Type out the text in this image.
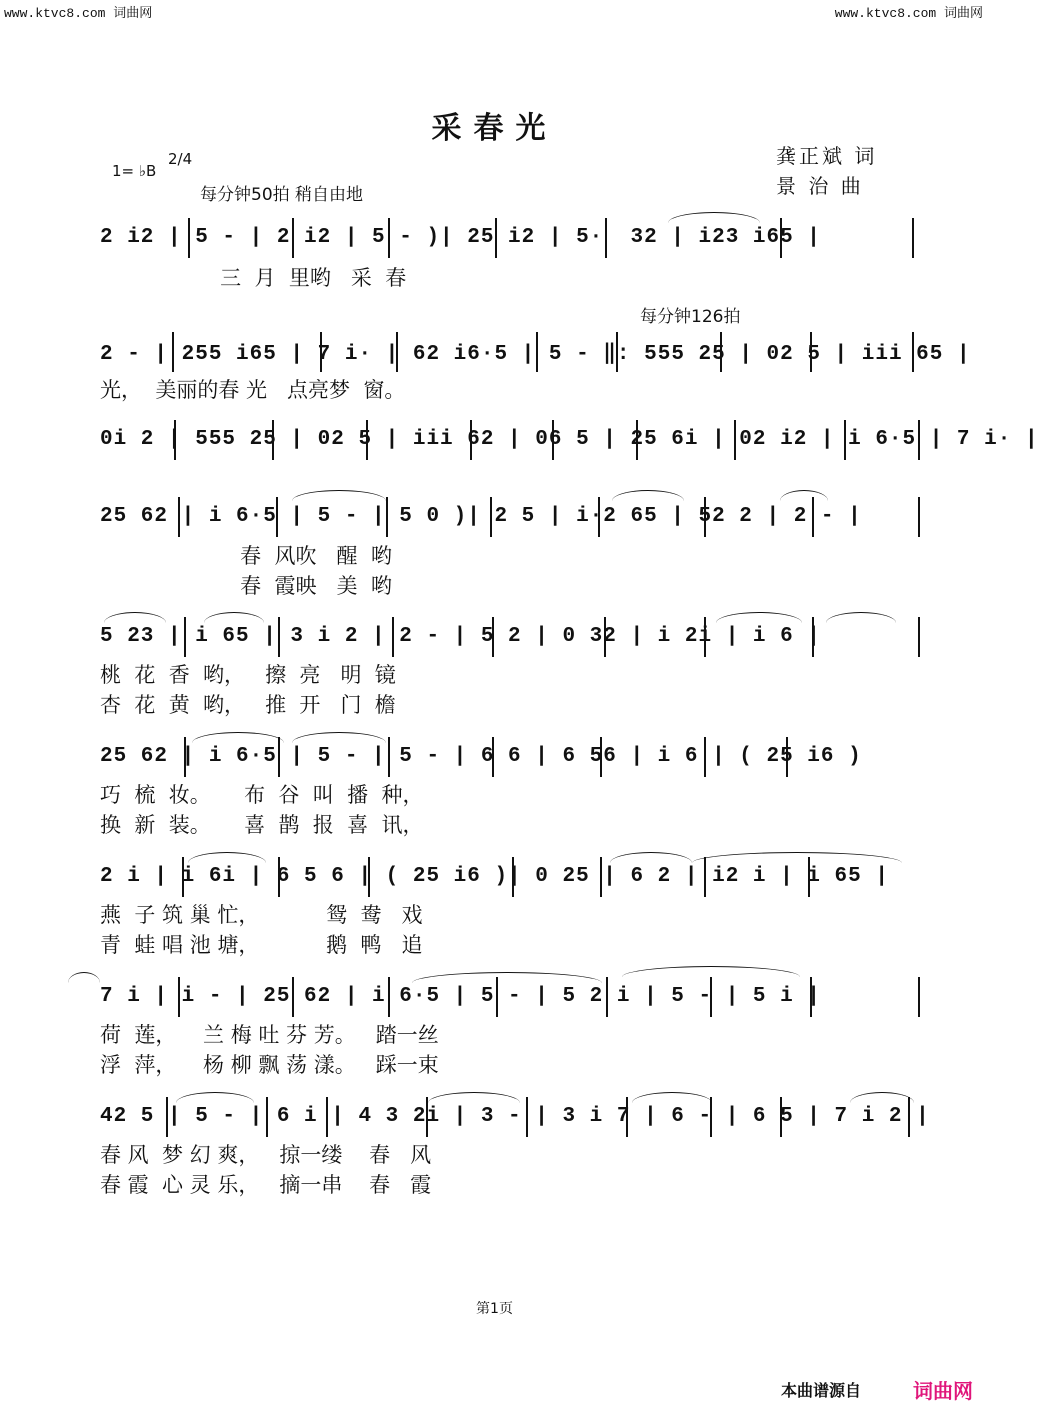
www.ktvc8.com 词曲网	www.ktvc8.com 词曲网
采春光
龚正斌 词
景 治 曲
1= ♭B
2/4
每分钟50拍 稍自由地
每分钟126拍
2 i2 | 5 - | 2 i2 | 5 - )| 25 i2 | 5·  32 | i23 i65 |
三  月  里哟   采  春
2 - | 255 i65 | 7 i· | 62 i6·5 | 5 - ‖: 555 25 | 02 5 | iii 65 |
光，  美丽的春 光   点亮梦  窗。
0i 2 | 555 25 | 02 5 | iii 62 | 06 5 | 25 6i | 02 i2 | i 6·5 | 7 i· |
25 62 | i 6·5 | 5 - | 5 0 )| 2 5 | i·2 65 | 52 2 | 2 - |
春  风吹   醒  哟
春  霞映   美  哟
5 23 | i 65 | 3 i 2 | 2 - | 5 2 | 0 32 | i 2i | i 6 |
桃  花  香  哟，   擦  亮   明  镜
杏  花  黄  哟，   推  开   门  檐
25 62 | i 6·5 | 5 - | 5 - | 6 6 | 6 56 | i 6 | ( 25 i6 )
巧  梳  妆。     布  谷  叫  播  种，
换  新  装。     喜  鹊  报  喜  讯，
2 i | i 6i | 6 5 6 | ( 25 i6 )| 0 25 | 6 2 | i2 i | i 65 |
燕  子 筑 巢 忙，          鸳  鸯   戏
青  蛙 唱 池 塘，          鹅  鸭   追
7 i | i - | 25 62 | i 6·5 | 5 - | 5 2 i | 5 - | 5 i |
荷  莲，    兰 梅 吐 芬 芳。   踏一丝
浮  萍，    杨 柳 飘 荡 漾。   踩一束
42 5 | 5 - | 6 i | 4 3 2i | 3 - | 3 i 7 | 6 - | 6 5 | 7 i 2 |
春 风  梦 幻 爽，   掠一缕    春   风
春 霞  心 灵 乐，   摘一串    春   霞
第1页
本曲谱源自	词曲网
